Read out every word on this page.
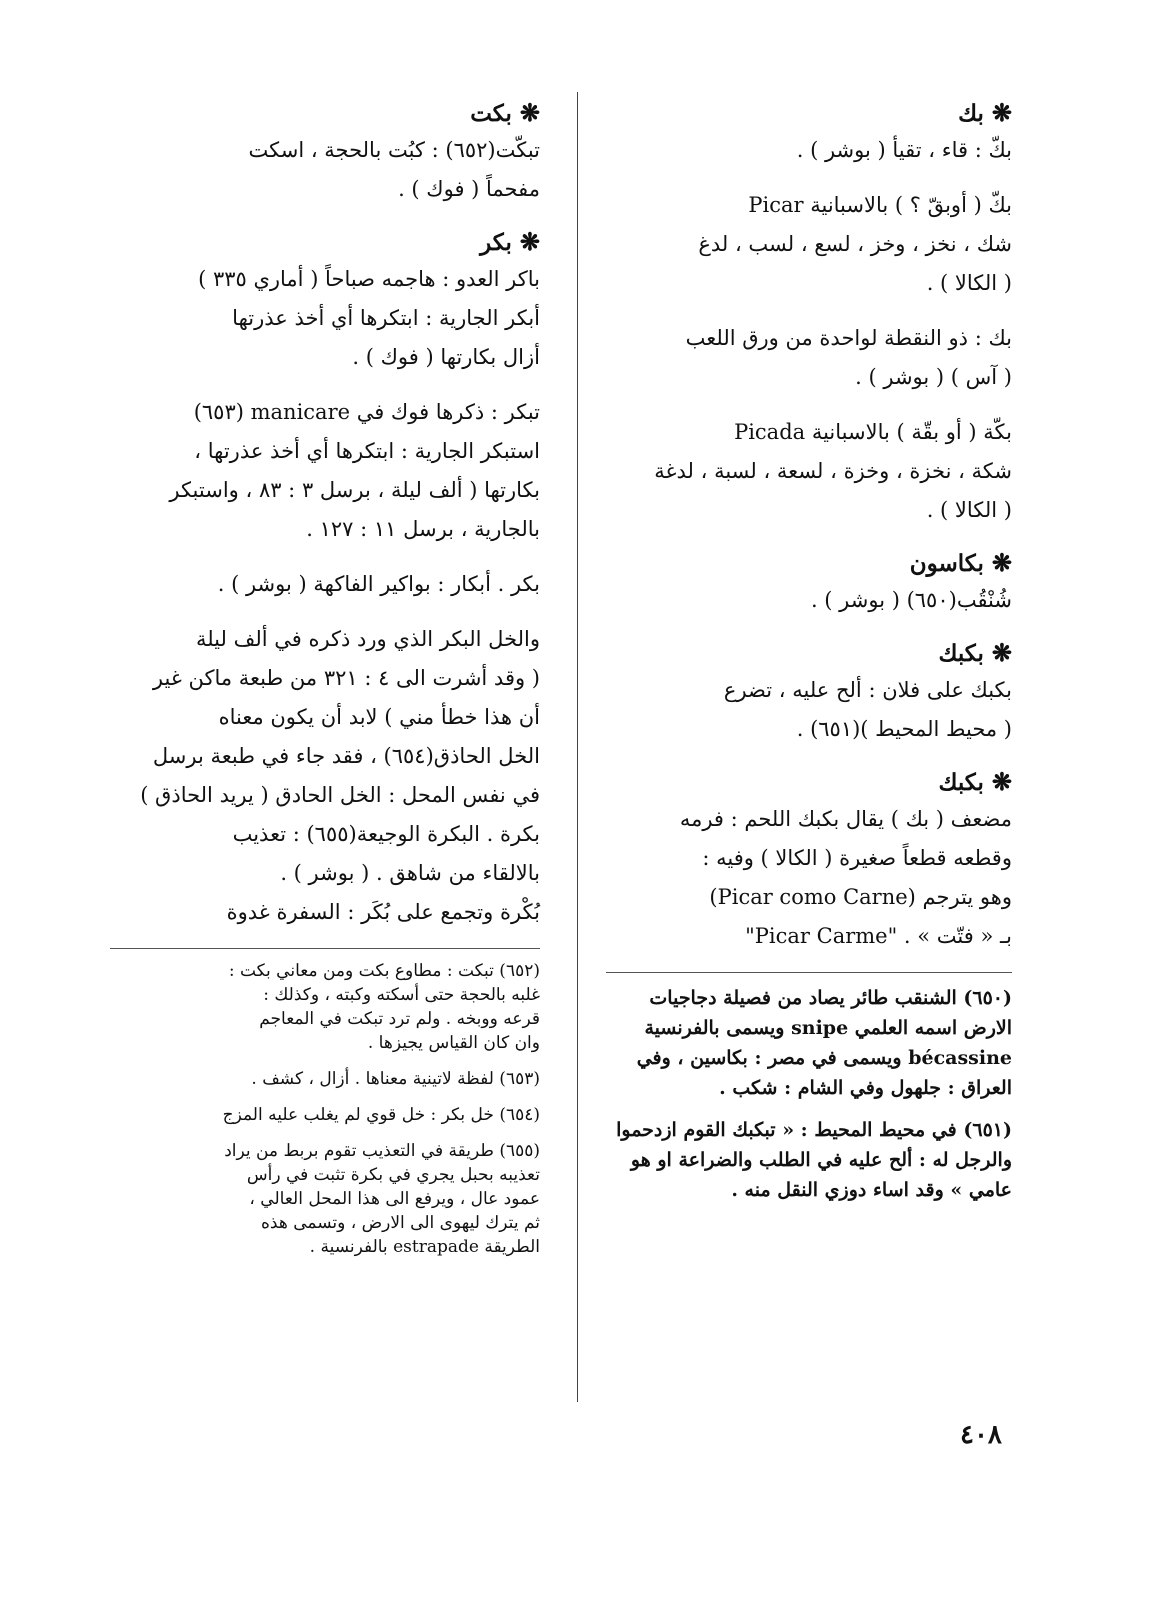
❋بك
بكّ : قاء ، تقيأ ( بوشر ) .
بكّ ( أوبقّ ؟ ) بالاسبانية Picar
شك ، نخز ، وخز ، لسع ، لسب ، لدغ
( الكالا ) .
بك : ذو النقطة لواحدة من ورق اللعب
( آس ) ( بوشر ) .
بكّة ( أو بقّة ) بالاسبانية Picada
شكة ، نخزة ، وخزة ، لسعة ، لسبة ، لدغة
( الكالا ) .
❋بكاسون
شُنْقُب(٦٥٠) ( بوشر ) .
❋بكبك
بكبك على فلان : ألح عليه ، تضرع
( محيط المحيط )(٦٥١) .
❋بكبك
مضعف ( بك ) يقال بكبك اللحم : فرمه
وقطعه قطعاً صغيرة ( الكالا ) وفيه :
وهو يترجم (Picar como Carne)
بـ « فتّت » . "Picar Carme"
(٦٥٠) الشنقب طائر يصاد من فصيلة دجاجيات الارض اسمه العلمي snipe ويسمى بالفرنسية bécassine ويسمى في مصر : بكاسين ، وفي العراق : جلهول وفي الشام : شكب .
(٦٥١) في محيط المحيط : « تبكبك القوم ازدحموا والرجل له : ألح عليه في الطلب والضراعة او هو عامي » وقد اساء دوزي النقل منه .
❋بكت
تبكّت(٦٥٢) : كبُت بالحجة ، اسكت
مفحماً ( فوك ) .
❋بكر
باكر العدو : هاجمه صباحاً ( أماري ٣٣٥ )
أبكر الجارية : ابتكرها أي أخذ عذرتها
أزال بكارتها ( فوك ) .
تبكر : ذكرها فوك في manicare (٦٥٣)
استبكر الجارية : ابتكرها أي أخذ عذرتها ،
بكارتها ( ألف ليلة ، برسل ٣ : ٨٣ ، واستبكر
بالجارية ، برسل ١١ : ١٢٧ .
بكر . أبكار : بواكير الفاكهة ( بوشر ) .
والخل البكر الذي ورد ذكره في ألف ليلة
( وقد أشرت الى ٤ : ٣٢١ من طبعة ماكن غير
أن هذا خطأ مني ) لابد أن يكون معناه
الخل الحاذق(٦٥٤) ، فقد جاء في طبعة برسل
في نفس المحل : الخل الحادق ( يريد الحاذق )
بكرة . البكرة الوجيعة(٦٥٥) : تعذيب
بالالقاء من شاهق . ( بوشر ) .
بُكْرة وتجمع على بُكَر : السفرة غدوة
(٦٥٢) تبكت : مطاوع بكت ومن معاني بكت :
غلبه بالحجة حتى أسكته وكبته ، وكذلك :
قرعه ووبخه . ولم ترد تبكت في المعاجم
وان كان القياس يجيزها .
(٦٥٣) لفظة لاتينية معناها . أزال ، كشف .
(٦٥٤) خل بكر : خل قوي لم يغلب عليه المزج
(٦٥٥) طريقة في التعذيب تقوم بربط من يراد
تعذيبه بحبل يجري في بكرة تثبت في رأس
عمود عال ، ويرفع الى هذا المحل العالي ،
ثم يترك ليهوى الى الارض ، وتسمى هذه
الطريقة estrapade بالفرنسية .
٤٠٨
